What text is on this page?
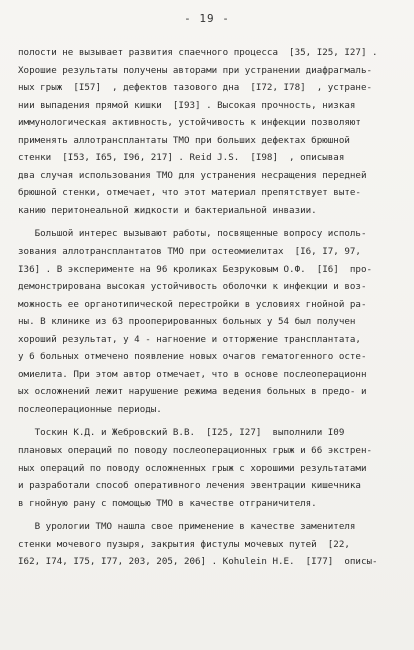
- 19 -
полости не вызывает развития спаечного процесса  [35, I25, I27] .
Хорошие результаты получены авторами при устранении диафрагмаль-
ных грыж  [I57]  , дефектов тазового дна  [I72, I78]  , устране-
нии выпадения прямой кишки  [I93] . Высокая прочность, низкая
иммунологическая активность, устойчивость к инфекции позволяют
применять аллотрансплантаты ТМО при больших дефектах брюшной
стенки  [I53, I65, I96, 217] . Reid J.S.  [I98]  , описывая
два случая использования ТМО для устранения несращения передней
брюшной стенки, отмечает, что этот материал препятствует выте-
канию перитонеальной жидкости и бактериальной инвазии.
Большой интерес вызывают работы, посвященные вопросу исполь-
зования аллотрансплантатов ТМО при остеомиелитах  [I6, I7, 97,
I36] . В эксперименте на 96 кроликах Безруковым О.Ф.  [I6]  про-
демонстрирована высокая устойчивость оболочки к инфекции и воз-
можность ее органотипической перестройки в условиях гнойной ра-
ны. В клинике из 63 прооперированных больных у 54 был получен
хороший результат, у 4 - нагноение и отторжение трансплантата,
у 6 больных отмечено появление новых очагов гематогенного осте-
омиелита. При этом автор отмечает, что в основе послеоперационн
ых осложнений лежит нарушение режима ведения больных в предо- и
послеоперационные периоды.
Тоскин К.Д. и Жебровский В.В.  [I25, I27]  выполнили I09
плановых операций по поводу послеоперационных грыж и 66 экстрен-
ных операций по поводу осложненных грыж с хорошими результатами
и разработали способ оперативного лечения эвентрации кишечника
в гнойную рану с помощью ТМО в качестве отграничителя.
В урологии ТМО нашла свое применение в качестве заменителя
стенки мочевого пузыря, закрытия фистулы мочевых путей  [22,
I62, I74, I75, I77, 203, 205, 206] . Kohulein H.E.  [I77]  описы-
